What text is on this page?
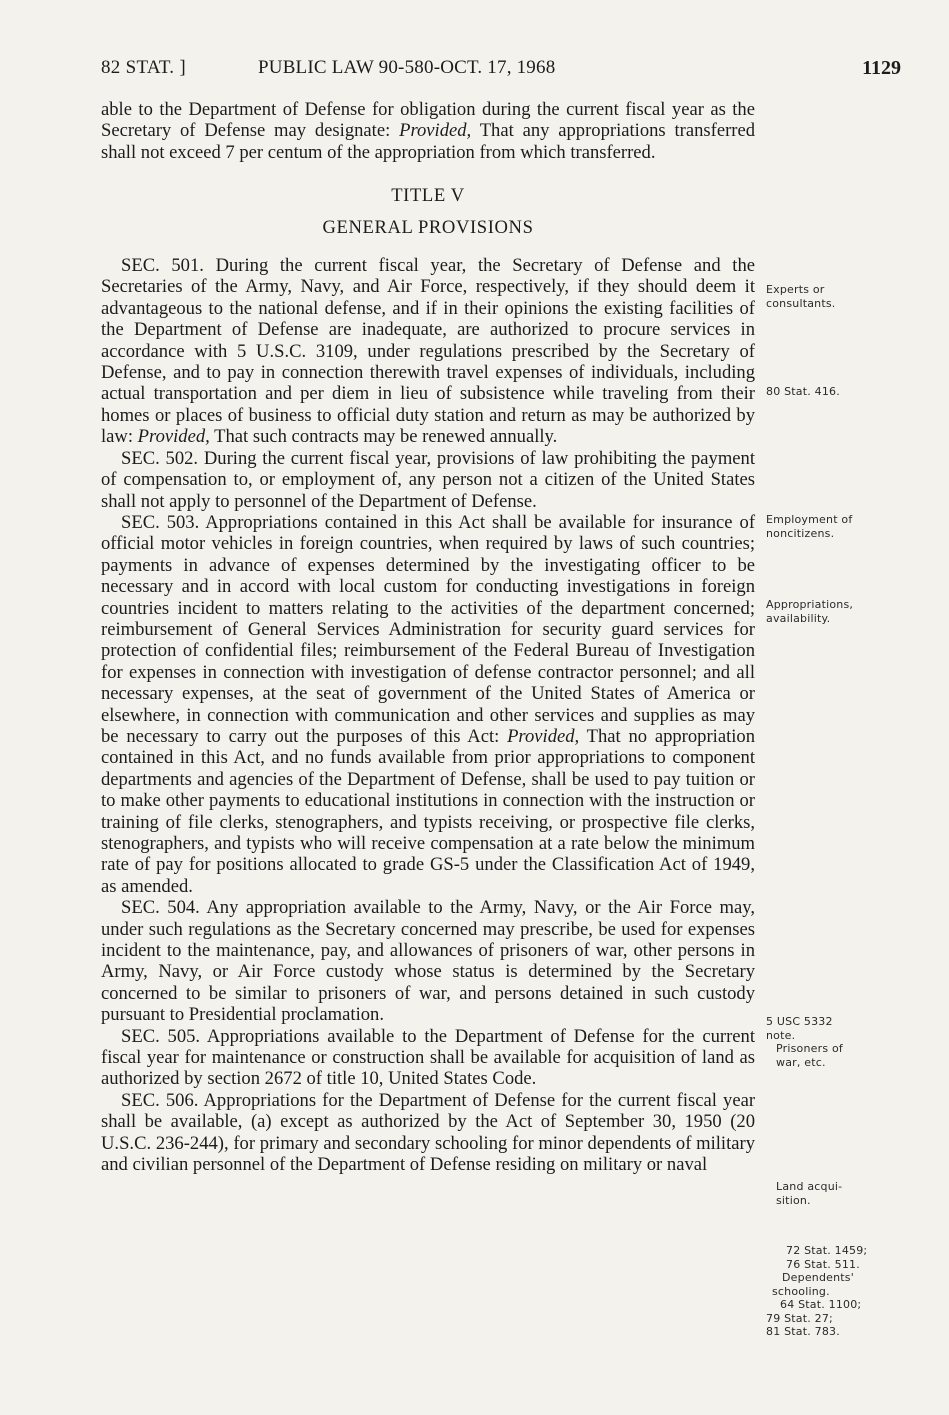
82 STAT. ]	PUBLIC LAW 90-580-OCT. 17, 1968	1129

able to the Department of Defense for obligation during the current fiscal year as the Secretary of Defense may designate: Provided, That any appropriations transferred shall not exceed 7 per centum of the appropriation from which transferred.

TITLE V
GENERAL PROVISIONS

SEC. 501. During the current fiscal year, the Secretary of Defense and the Secretaries of the Army, Navy, and Air Force, respectively, if they should deem it advantageous to the national defense, and if in their opinions the existing facilities of the Department of Defense are inadequate, are authorized to procure services in accordance with 5 U.S.C. 3109, under regulations prescribed by the Secretary of Defense, and to pay in connection therewith travel expenses of individuals, including actual transportation and per diem in lieu of subsistence while traveling from their homes or places of business to official duty station and return as may be authorized by law: Provided, That such contracts may be renewed annually.

SEC. 502. During the current fiscal year, provisions of law prohibiting the payment of compensation to, or employment of, any person not a citizen of the United States shall not apply to personnel of the Department of Defense.

SEC. 503. Appropriations contained in this Act shall be available for insurance of official motor vehicles in foreign countries, when required by laws of such countries; payments in advance of expenses determined by the investigating officer to be necessary and in accord with local custom for conducting investigations in foreign countries incident to matters relating to the activities of the department concerned; reimbursement of General Services Administration for security guard services for protection of confidential files; reimbursement of the Federal Bureau of Investigation for expenses in connection with investigation of defense contractor personnel; and all necessary expenses, at the seat of government of the United States of America or elsewhere, in connection with communication and other services and supplies as may be necessary to carry out the purposes of this Act: Provided, That no appropriation contained in this Act, and no funds available from prior appropriations to component departments and agencies of the Department of Defense, shall be used to pay tuition or to make other payments to educational institutions in connection with the instruction or training of file clerks, stenographers, and typists receiving, or prospective file clerks, stenographers, and typists who will receive compensation at a rate below the minimum rate of pay for positions allocated to grade GS-5 under the Classification Act of 1949, as amended.

SEC. 504. Any appropriation available to the Army, Navy, or the Air Force may, under such regulations as the Secretary concerned may prescribe, be used for expenses incident to the maintenance, pay, and allowances of prisoners of war, other persons in Army, Navy, or Air Force custody whose status is determined by the Secretary concerned to be similar to prisoners of war, and persons detained in such custody pursuant to Presidential proclamation.

SEC. 505. Appropriations available to the Department of Defense for the current fiscal year for maintenance or construction shall be available for acquisition of land as authorized by section 2672 of title 10, United States Code.

SEC. 506. Appropriations for the Department of Defense for the current fiscal year shall be available, (a) except as authorized by the Act of September 30, 1950 (20 U.S.C. 236-244), for primary and secondary schooling for minor dependents of military and civilian personnel of the Department of Defense residing on military or naval

Experts or
consultants.
80 Stat. 416.
Employment of
noncitizens.
Appropriations,
availability.
5 USC 5332
note.
Prisoners of
war, etc.
Land acqui-
sition.
72 Stat. 1459;
76 Stat. 511.
Dependents'
schooling.
64 Stat. 1100;
79 Stat. 27;
81 Stat. 783.
